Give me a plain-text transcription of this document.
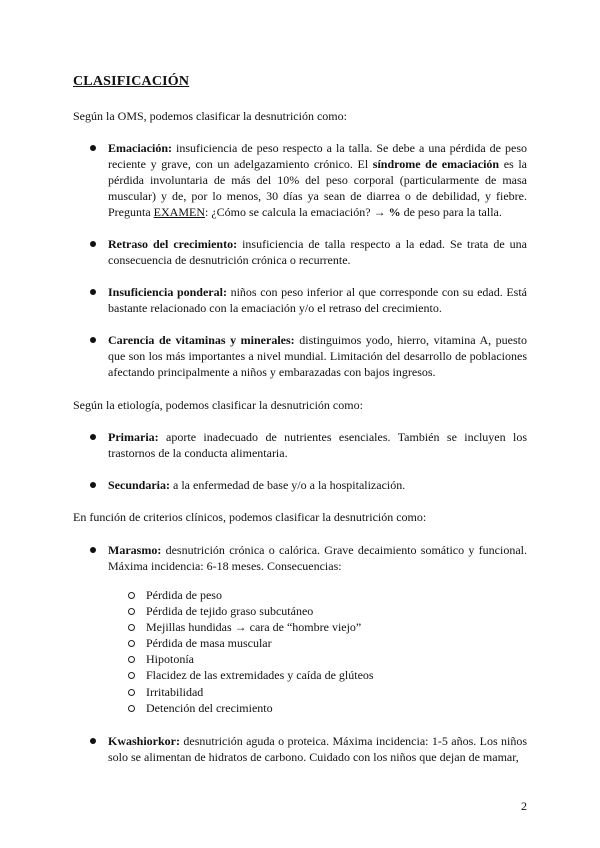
CLASIFICACIÓN
Según la OMS, podemos clasificar la desnutrición como:
Emaciación: insuficiencia de peso respecto a la talla. Se debe a una pérdida de peso reciente y grave, con un adelgazamiento crónico. El síndrome de emaciación es la pérdida involuntaria de más del 10% del peso corporal (particularmente de masa muscular) y de, por lo menos, 30 días ya sean de diarrea o de debilidad, y fiebre. Pregunta EXAMEN: ¿Cómo se calcula la emaciación? → % de peso para la talla.
Retraso del crecimiento: insuficiencia de talla respecto a la edad. Se trata de una consecuencia de desnutrición crónica o recurrente.
Insuficiencia ponderal: niños con peso inferior al que corresponde con su edad. Está bastante relacionado con la emaciación y/o el retraso del crecimiento.
Carencia de vitaminas y minerales: distinguimos yodo, hierro, vitamina A, puesto que son los más importantes a nivel mundial. Limitación del desarrollo de poblaciones afectando principalmente a niños y embarazadas con bajos ingresos.
Según la etiología, podemos clasificar la desnutrición como:
Primaria: aporte inadecuado de nutrientes esenciales. También se incluyen los trastornos de la conducta alimentaria.
Secundaria: a la enfermedad de base y/o a la hospitalización.
En función de criterios clínicos, podemos clasificar la desnutrición como:
Marasmo: desnutrición crónica o calórica. Grave decaimiento somático y funcional. Máxima incidencia: 6-18 meses. Consecuencias:
Pérdida de peso
Pérdida de tejido graso subcutáneo
Mejillas hundidas → cara de “hombre viejo”
Pérdida de masa muscular
Hipotonía
Flacidez de las extremidades y caída de glúteos
Irritabilidad
Detención del crecimiento
Kwashiorkor: desnutrición aguda o proteica. Máxima incidencia: 1-5 años. Los niños solo se alimentan de hidratos de carbono. Cuidado con los niños que dejan de mamar,
2
